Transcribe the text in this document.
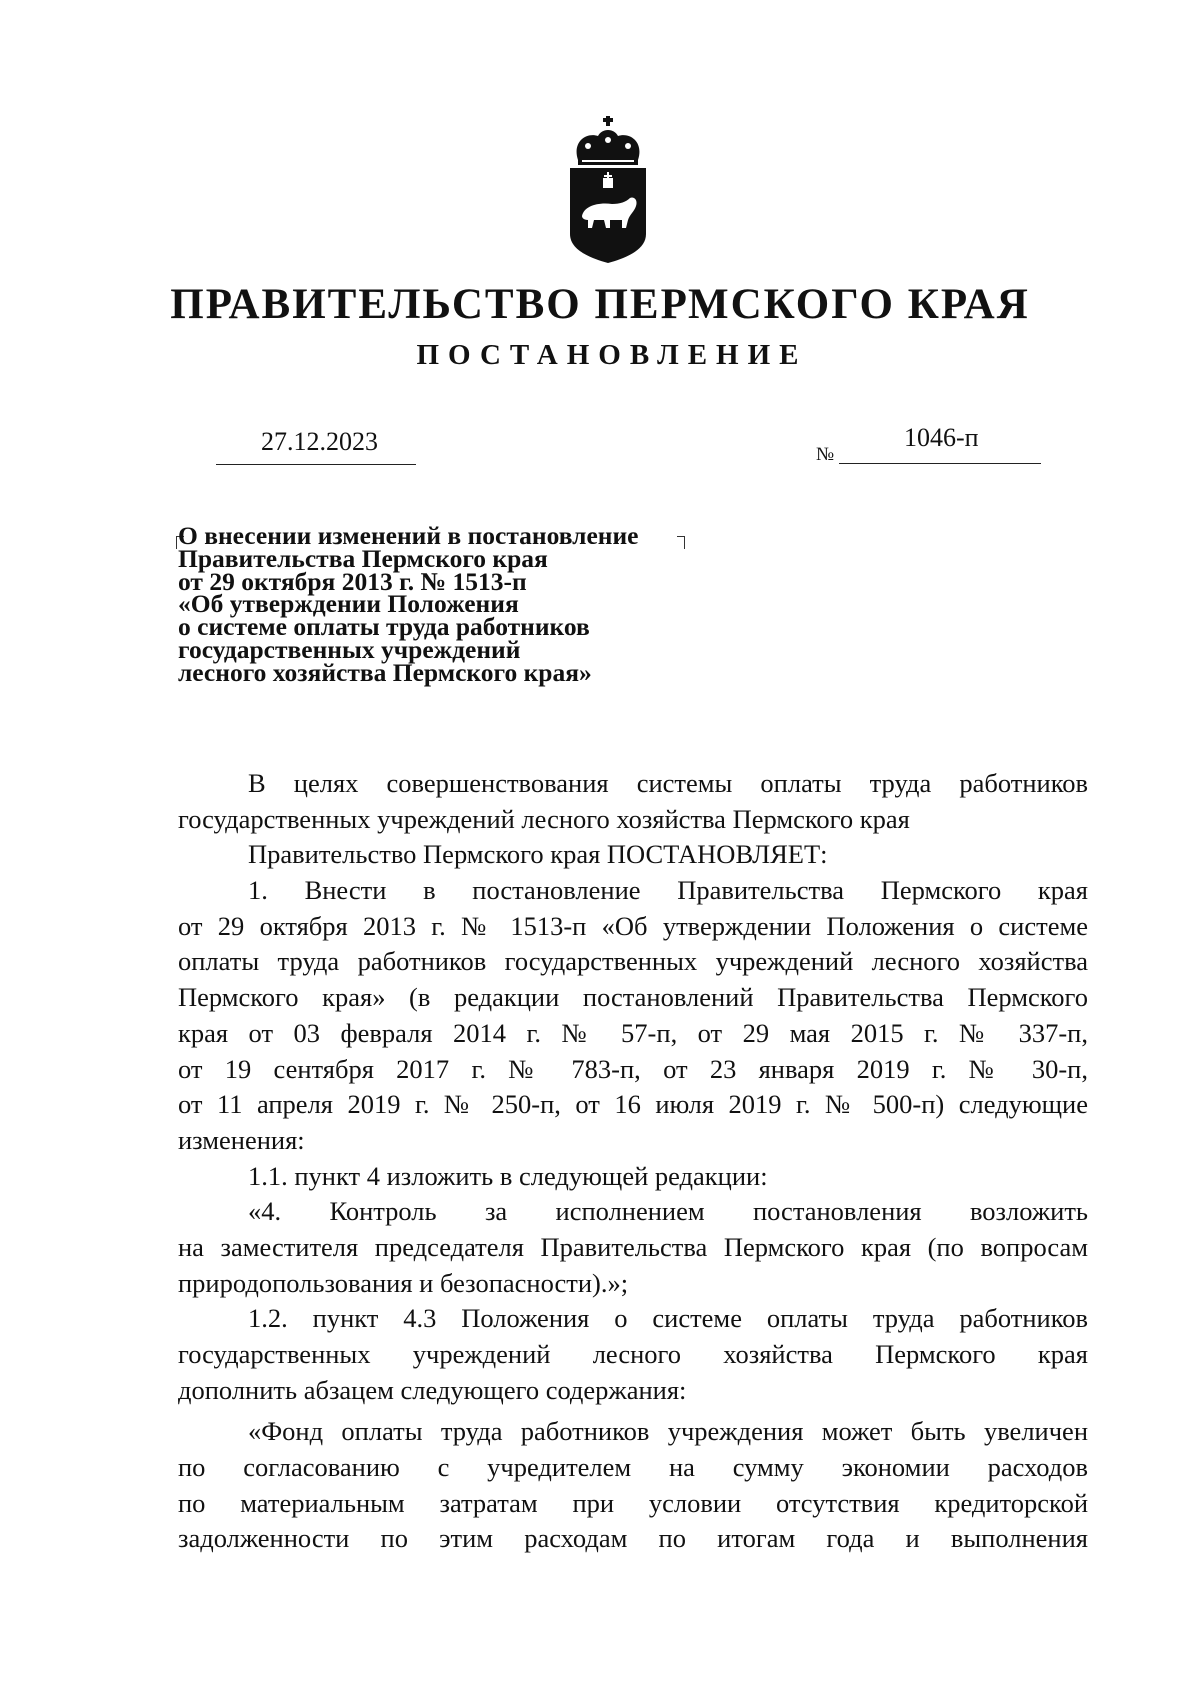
ПРАВИТЕЛЬСТВО ПЕРМСКОГО КРАЯ
ПОСТАНОВЛЕНИЕ
27.12.2023	№
1046-п
О внесении изменений в постановление
Правительства Пермского края
от 29 октября 2013 г. № 1513-п
«Об утверждении Положения
о системе оплаты труда работников
государственных учреждений
лесного хозяйства Пермского края»
В целях совершенствования системы оплаты труда работников
государственных учреждений лесного хозяйства Пермского края
Правительство Пермского края ПОСТАНОВЛЯЕТ:
1. Внести в постановление Правительства Пермского края
от 29 октября 2013 г. № 1513-п «Об утверждении Положения о системе
оплаты труда работников государственных учреждений лесного хозяйства
Пермского края» (в редакции постановлений Правительства Пермского
края от 03 февраля 2014 г. № 57-п, от 29 мая 2015 г. № 337-п,
от 19 сентября 2017 г. № 783-п, от 23 января 2019 г. № 30-п,
от 11 апреля 2019 г. № 250-п, от 16 июля 2019 г. № 500-п) следующие
изменения:
1.1. пункт 4 изложить в следующей редакции:
«4. Контроль за исполнением постановления возложить
на заместителя председателя Правительства Пермского края (по вопросам
природопользования и безопасности).»;
1.2. пункт 4.3 Положения о системе оплаты труда работников
государственных учреждений лесного хозяйства Пермского края
дополнить абзацем следующего содержания:
«Фонд оплаты труда работников учреждения может быть увеличен
по согласованию с учредителем на сумму экономии расходов
по материальным затратам при условии отсутствия кредиторской
задолженности по этим расходам по итогам года и выполнения
